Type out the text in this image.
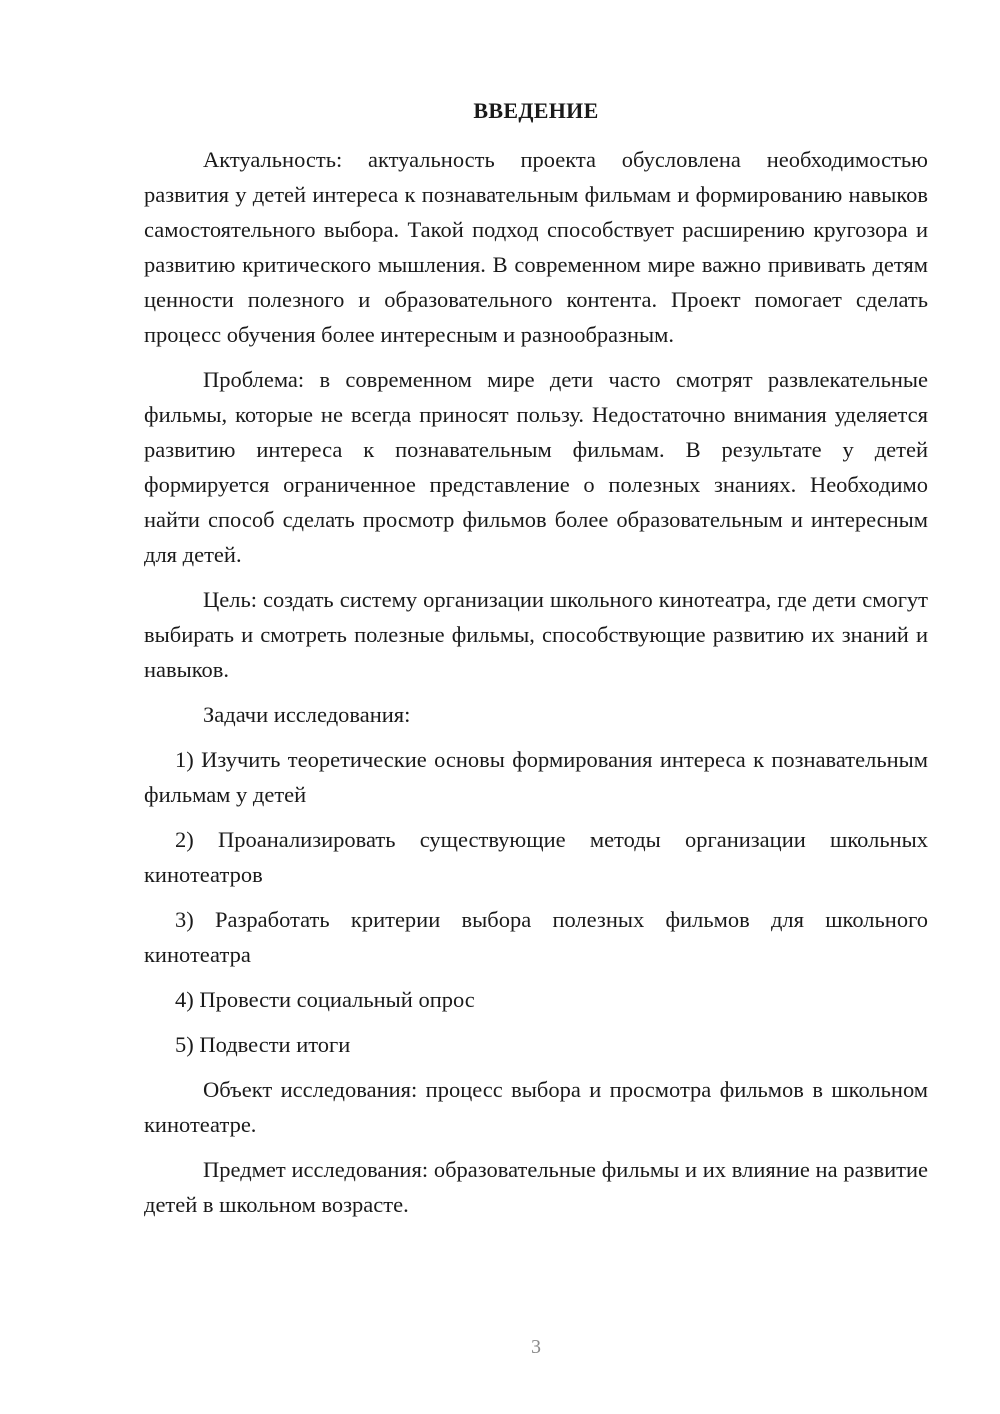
ВВЕДЕНИЕ

Актуальность: актуальность проекта обусловлена необходимостью развития у детей интереса к познавательным фильмам и формированию навыков самостоятельного выбора. Такой подход способствует расширению кругозора и развитию критического мышления. В современном мире важно прививать детям ценности полезного и образовательного контента. Проект помогает сделать процесс обучения более интересным и разнообразным.

Проблема: в современном мире дети часто смотрят развлекательные фильмы, которые не всегда приносят пользу. Недостаточно внимания уделяется развитию интереса к познавательным фильмам. В результате у детей формируется ограниченное представление о полезных знаниях. Необходимо найти способ сделать просмотр фильмов более образовательным и интересным для детей.

Цель: создать систему организации школьного кинотеатра, где дети смогут выбирать и смотреть полезные фильмы, способствующие развитию их знаний и навыков.

Задачи исследования:

1) Изучить теоретические основы формирования интереса к познавательным фильмам у детей

2) Проанализировать существующие методы организации школьных кинотеатров

3) Разработать критерии выбора полезных фильмов для школьного кинотеатра

4) Провести социальный опрос

5) Подвести итоги

Объект исследования: процесс выбора и просмотра фильмов в школьном кинотеатре.

Предмет исследования: образовательные фильмы и их влияние на развитие детей в школьном возрасте.

3
